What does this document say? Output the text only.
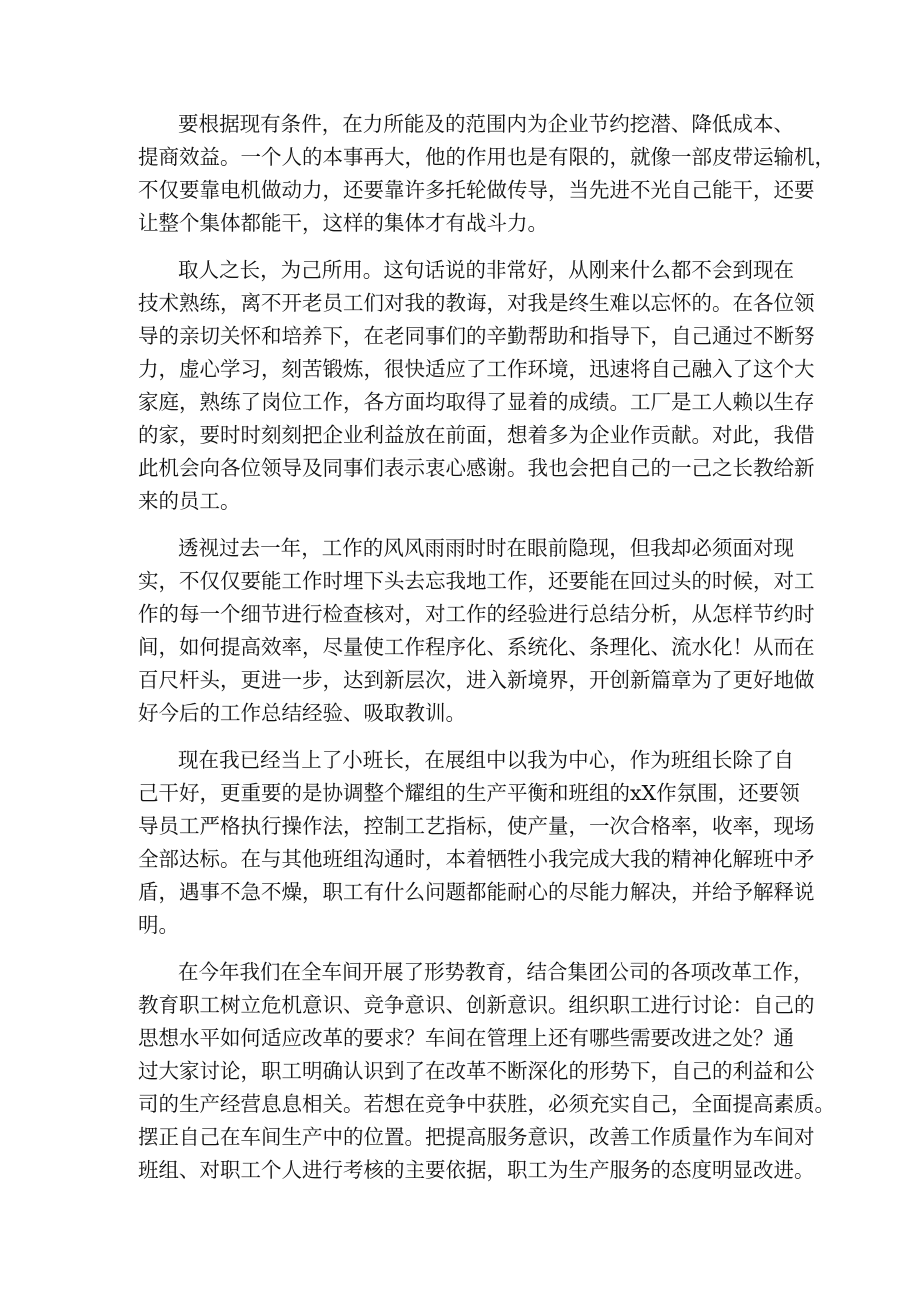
要根据现有条件，在力所能及的范围内为企业节约挖潜、降低成本、
提商效益。一个人的本事再大，他的作用也是有限的，就像一部皮带运输机，
不仅要靠电机做动力，还要靠许多托轮做传导，当先进不光自己能干，还要
让整个集体都能干，这样的集体才有战斗力。
取人之长，为己所用。这句话说的非常好，从刚来什么都不会到现在
技术熟练，离不开老员工们对我的教诲，对我是终生难以忘怀的。在各位领
导的亲切关怀和培养下，在老同事们的辛勤帮助和指导下，自己通过不断努
力，虚心学习，刻苦锻炼，很快适应了工作环境，迅速将自己融入了这个大
家庭，熟练了岗位工作，各方面均取得了显着的成绩。工厂是工人赖以生存
的家，要时时刻刻把企业利益放在前面，想着多为企业作贡献。对此，我借
此机会向各位领导及同事们表示衷心感谢。我也会把自己的一己之长教给新
来的员工。
透视过去一年，工作的风风雨雨时时在眼前隐现，但我却必须面对现
实，不仅仅要能工作时埋下头去忘我地工作，还要能在回过头的时候，对工
作的每一个细节进行检查核对，对工作的经验进行总结分析，从怎样节约时
间，如何提高效率，尽量使工作程序化、系统化、条理化、流水化！从而在
百尺杆头，更进一步，达到新层次，进入新境界，开创新篇章为了更好地做
好今后的工作总结经验、吸取教训。
现在我已经当上了小班长，在展组中以我为中心，作为班组长除了自
己干好，更重要的是协调整个耀组的生产平衡和班组的xX作氛围，还要领
导员工严格执行操作法，控制工艺指标，使产量，一次合格率，收率，现场
全部达标。在与其他班组沟通时，本着牺牲小我完成大我的精神化解班中矛
盾，遇事不急不燥，职工有什么问题都能耐心的尽能力解决，并给予解释说
明。
在今年我们在全车间开展了形势教育，结合集团公司的各项改革工作，
教育职工树立危机意识、竞争意识、创新意识。组织职工进行讨论：自己的
思想水平如何适应改革的要求？车间在管理上还有哪些需要改进之处？通
过大家讨论，职工明确认识到了在改革不断深化的形势下，自己的利益和公
司的生产经营息息相关。若想在竞争中获胜，必须充实自己，全面提高素质。
摆正自己在车间生产中的位置。把提高服务意识，改善工作质量作为车间对
班组、对职工个人进行考核的主要依据，职工为生产服务的态度明显改进。
